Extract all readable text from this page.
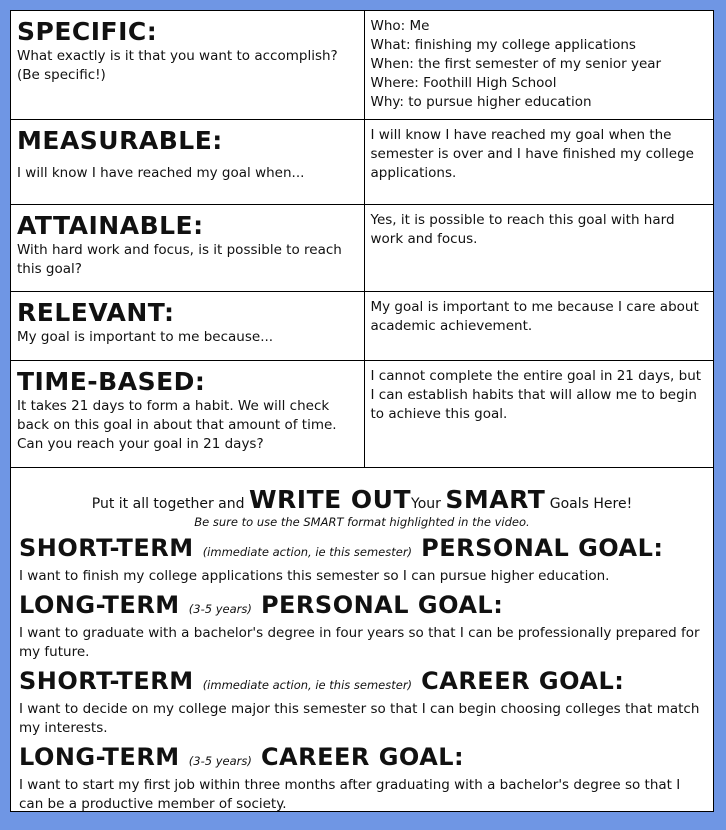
SPECIFIC:
What exactly is it that you want to accomplish? (Be specific!)	Who: Me
What: finishing my college applications
When: the first semester of my senior year
Where: Foothill High School
Why: to pursue higher education

MEASURABLE:
I will know I have reached my goal when...	I will know I have reached my goal when the semester is over and I have finished my college applications.

ATTAINABLE:
With hard work and focus, is it possible to reach this goal?	Yes, it is possible to reach this goal with hard work and focus.

RELEVANT:
My goal is important to me because...	My goal is important to me because I care about academic achievement.

TIME-BASED:
It takes 21 days to form a habit. We will check back on this goal in about that amount of time. Can you reach your goal in 21 days?	I cannot complete the entire goal in 21 days, but I can establish habits that will allow me to begin to achieve this goal.
Put it all together and WRITE OUTYour SMART Goals Here!
Be sure to use the SMART format highlighted in the video.
SHORT-TERM (immediate action, ie this semester) PERSONAL GOAL:
I want to finish my college applications this semester so I can pursue higher education.
LONG-TERM (3-5 years) PERSONAL GOAL:
I want to graduate with a bachelor's degree in four years so that I can be professionally prepared for my future.
SHORT-TERM (immediate action, ie this semester) CAREER GOAL:
I want to decide on my college major this semester so that I can begin choosing colleges that match my interests.
LONG-TERM (3-5 years) CAREER GOAL:
I want to start my first job within three months after graduating with a bachelor's degree so that I can be a productive member of society.
